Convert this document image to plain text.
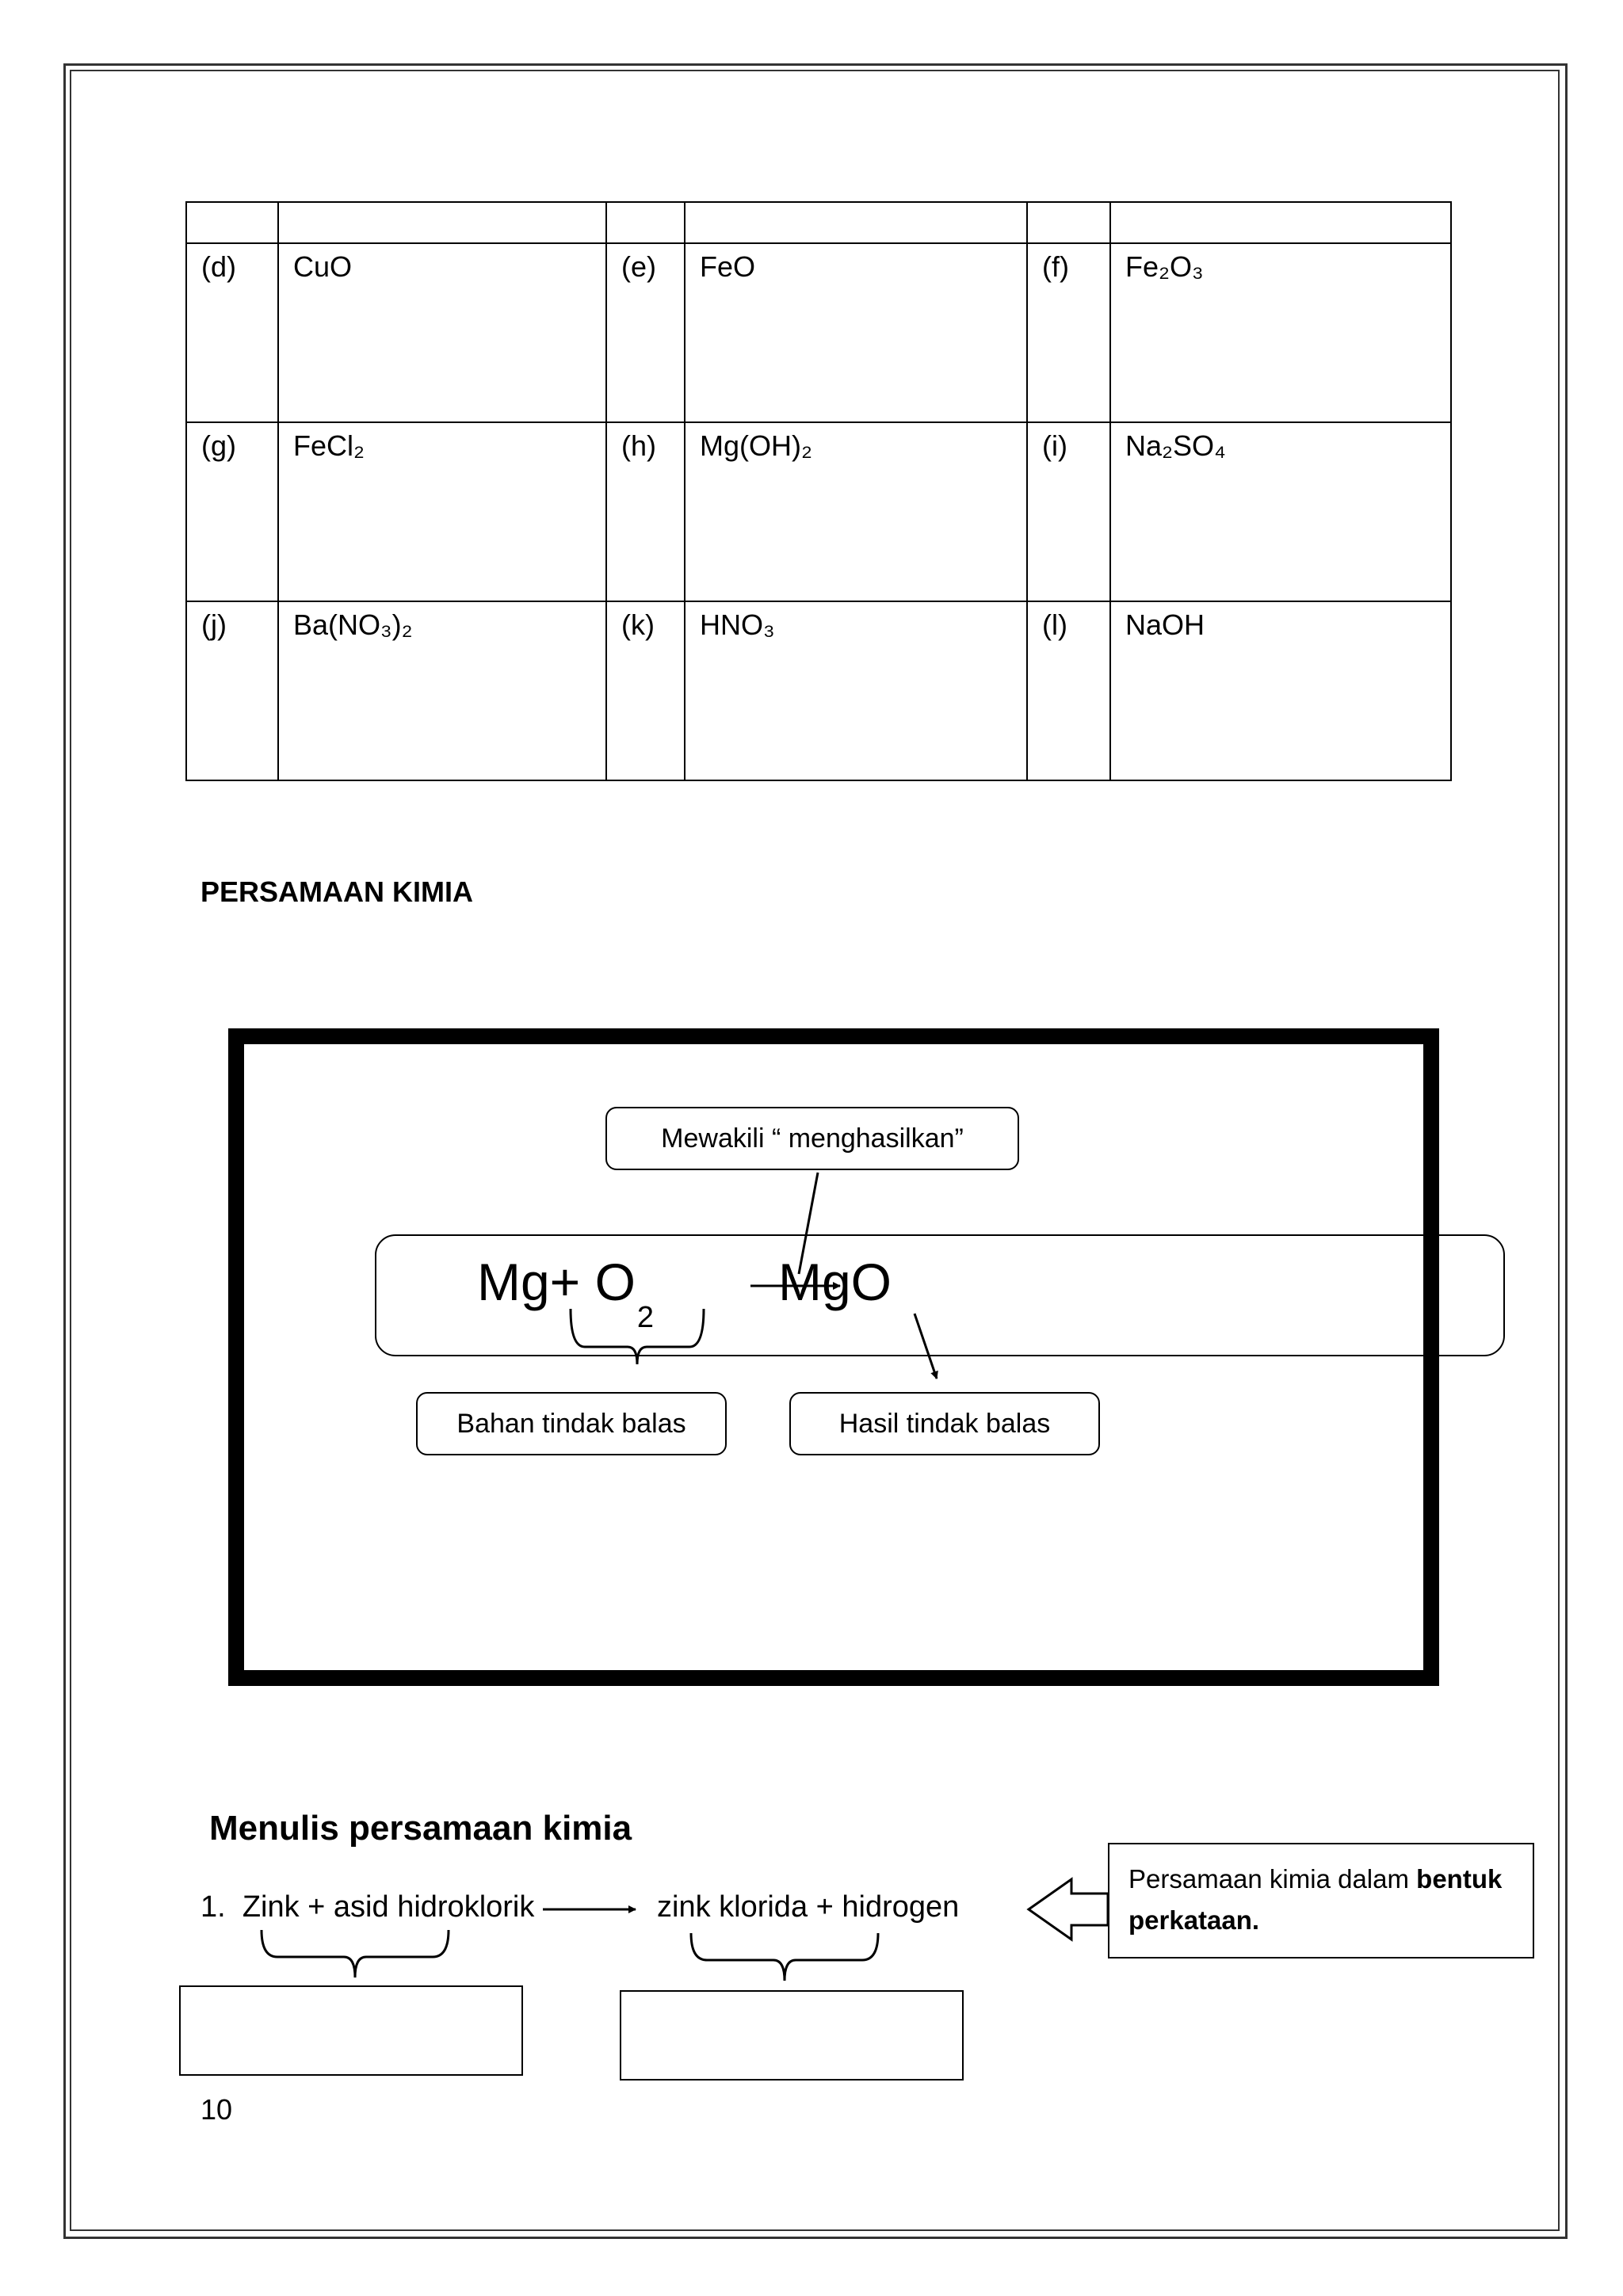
(d)	CuO	(e)	FeO	(f)	Fe₂O₃
(g)	FeCl₂	(h)	Mg(OH)₂	(i)	Na₂SO₄
(j)	Ba(NO₃)₂	(k)	HNO₃	(l)	NaOH
PERSAMAAN KIMIA
Mewakili “ menghasilkan”
$Mg+ O_2$
MgO
Bahan tindak balas	Hasil tindak balas
Menulis persamaan kimia
1. Zink + asid hidroklorik	zink klorida + hidrogen
Persamaan kimia dalam bentuk
perkataan.
10
